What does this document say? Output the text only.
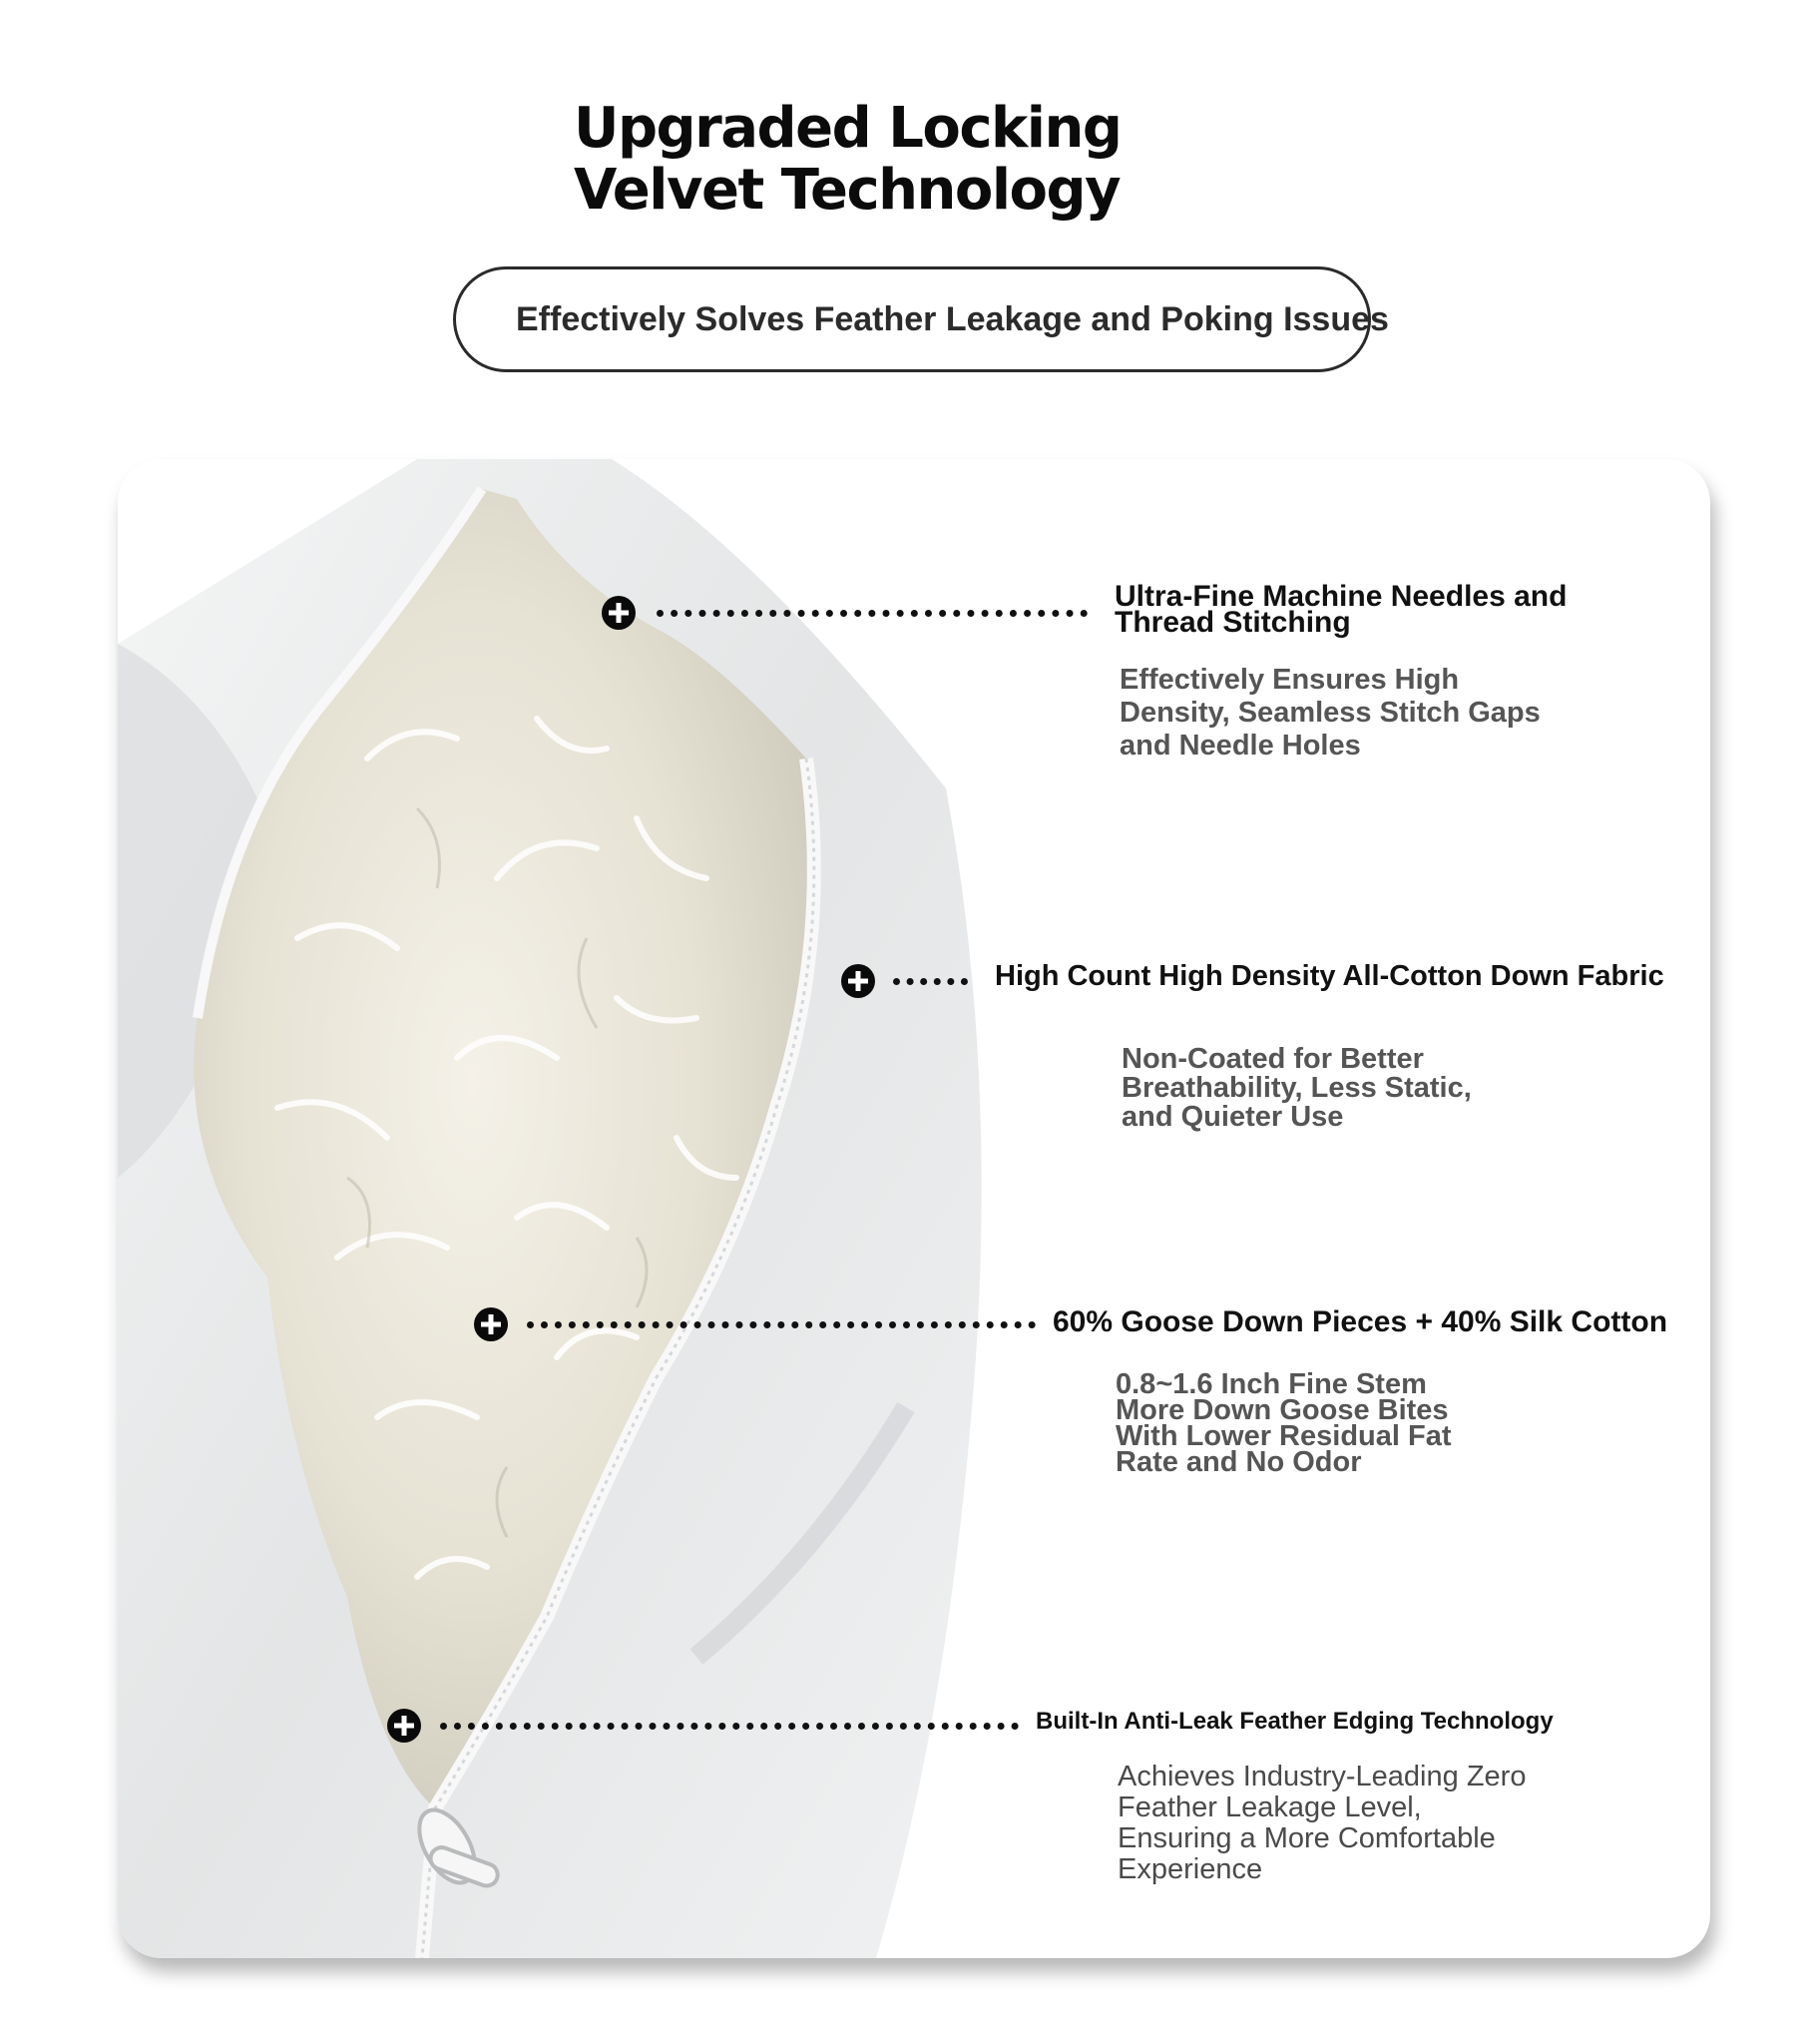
Upgraded Locking Velvet Technology
Effectively Solves Feather Leakage and Poking Issues
Ultra-Fine Machine Needles and
Thread Stitching
Effectively Ensures High
Density, Seamless Stitch Gaps
and Needle Holes
High Count High Density All-Cotton Down Fabric
Non-Coated for Better
Breathability, Less Static,
and Quieter Use
60% Goose Down Pieces + 40% Silk Cotton
0.8~1.6 Inch Fine Stem
More Down Goose Bites
With Lower Residual Fat
Rate and No Odor
Built-In Anti-Leak Feather Edging Technology
Achieves Industry-Leading Zero
Feather Leakage Level,
Ensuring a More Comfortable
Experience
